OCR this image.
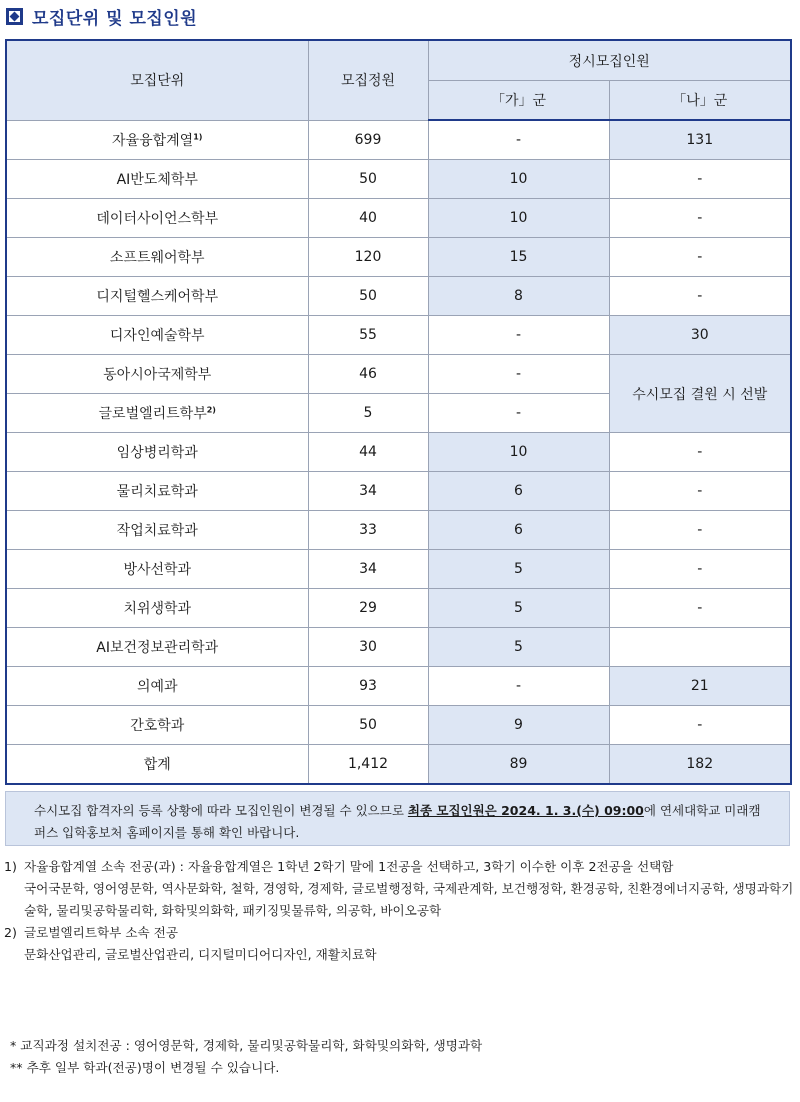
모집단위 및 모집인원
모집단위	모집정원	정시모집인원	
		「가」군	「나」군
자율융합계열$^{1)}$	699	-	131
AI반도체학부	50	10	-
데이터사이언스학부	40	10	-
소프트웨어학부	120	15	-
디지털헬스케어학부	50	8	-
디자인예술학부	55	-	30
동아시아국제학부	46	-	수시모집 결원 시 선발
글로벌엘리트학부$^{2)}$	5	-	
임상병리학과	44	10	-
물리치료학과	34	6	-
작업치료학과	33	6	-
방사선학과	34	5	-
치위생학과	29	5	-
AI보건정보관리학과	30	5	
의예과	93	-	21
간호학과	50	9	-
합계	1,412	89	182
수시모집 합격자의 등록 상황에 따라 모집인원이 변경될 수 있으므로 최종 모집인원은 2024. 1. 3.(수) 09:00에 연세대학교 미래캠퍼스 입학홍보처 홈페이지를 통해 확인 바랍니다.
1) 자율융합계열 소속 전공(과) : 자율융합계열은 1학년 2학기 말에 1전공을 선택하고, 3학기 이수한 이후 2전공을 선택함
국어국문학, 영어영문학, 역사문화학, 철학, 경영학, 경제학, 글로벌행정학, 국제관계학, 보건행정학, 환경공학, 친환경에너지공학, 생명과학기술학, 물리및공학물리학, 화학및의화학, 패키징및물류학, 의공학, 바이오공학
2) 글로벌엘리트학부 소속 전공
문화산업관리, 글로벌산업관리, 디지털미디어디자인, 재활치료학
* 교직과정 설치전공 : 영어영문학, 경제학, 물리및공학물리학, 화학및의화학, 생명과학
** 추후 일부 학과(전공)명이 변경될 수 있습니다.
